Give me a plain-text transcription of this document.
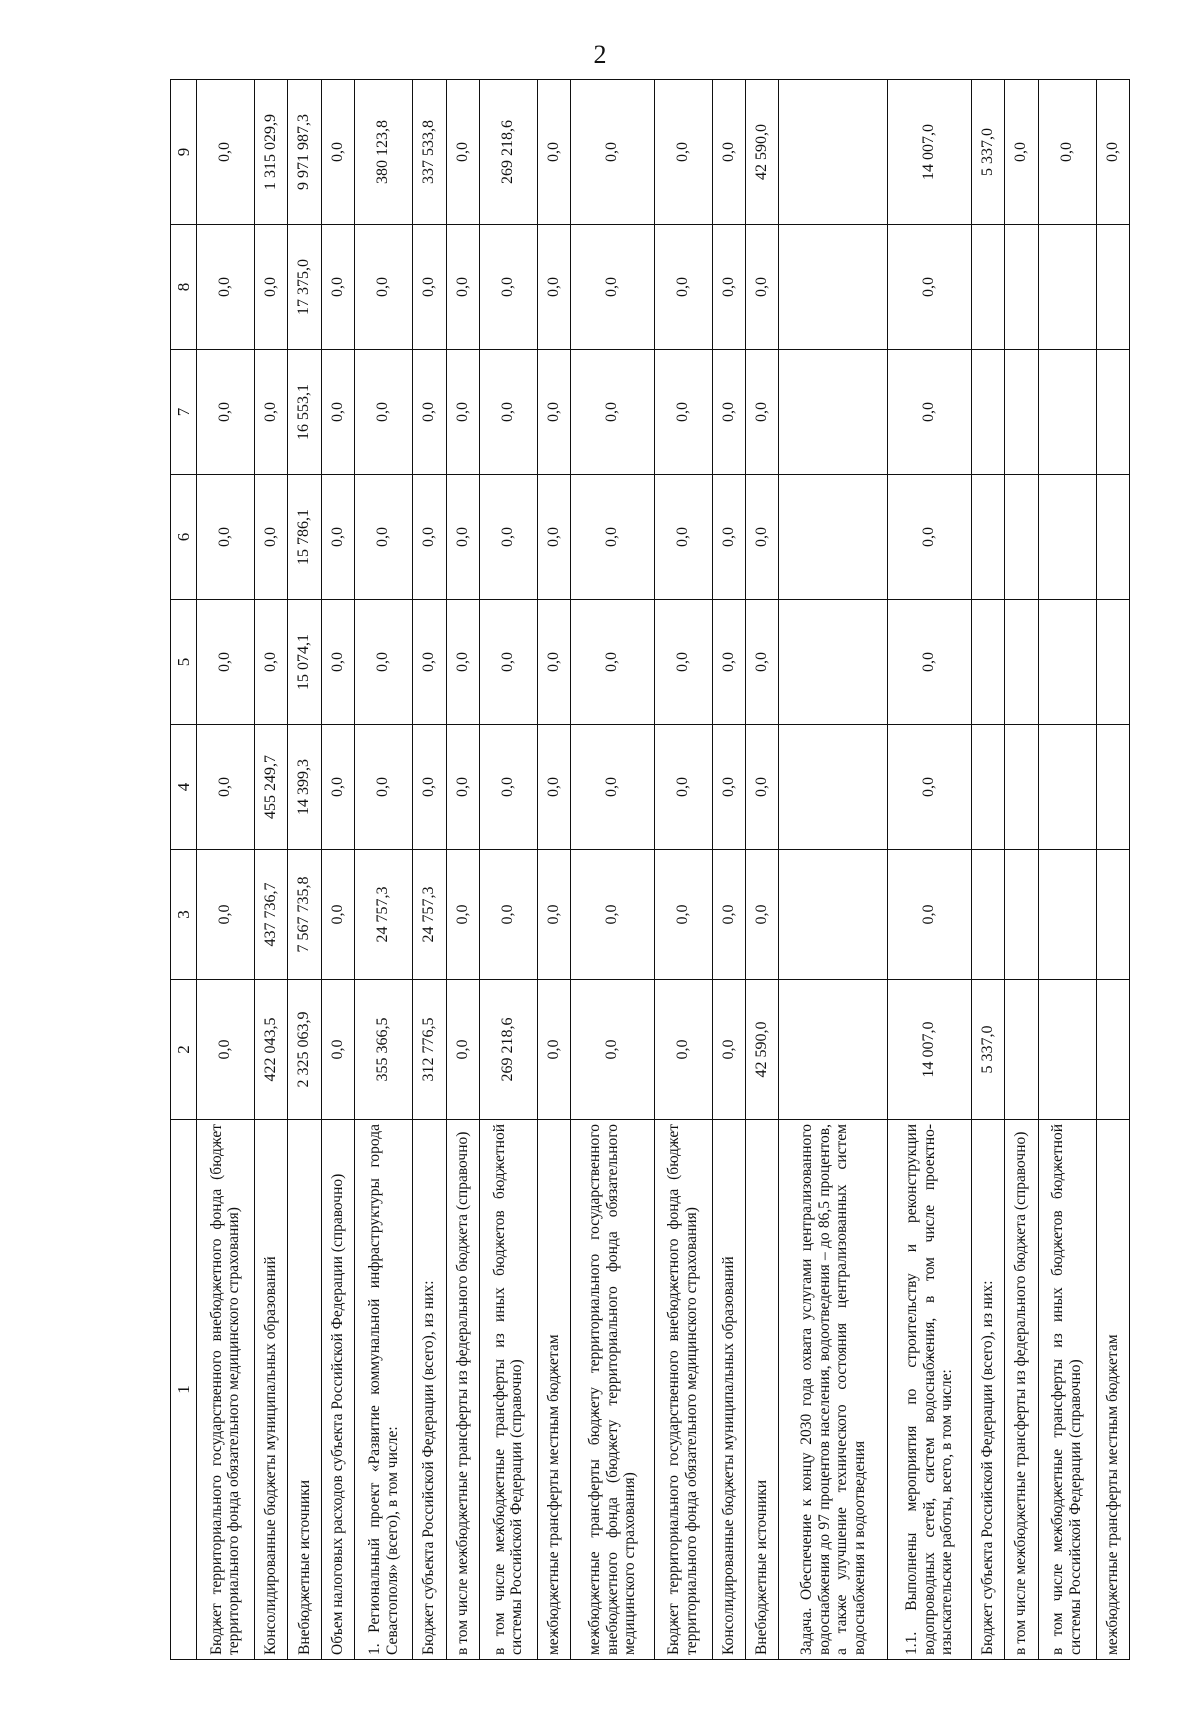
2
1	2	3	4	5	6	7	8	9
Бюджет территориального государственного внебюджетного фонда (бюджет территориального фонда обязательного медицинского страхования)	0,0	0,0	0,0	0,0	0,0	0,0	0,0	0,0
Консолидированные бюджеты муниципальных образований	422 043,5	437 736,7	455 249,7	0,0	0,0	0,0	0,0	1 315 029,9
Внебюджетные источники	2 325 063,9	7 567 735,8	14 399,3	15 074,1	15 786,1	16 553,1	17 375,0	9 971 987,3
Объем налоговых расходов субъекта Российской Федерации (справочно)	0,0	0,0	0,0	0,0	0,0	0,0	0,0	0,0
1. Региональный проект «Развитие коммунальной инфраструктуры города Севастополя» (всего), в том числе:	355 366,5	24 757,3	0,0	0,0	0,0	0,0	0,0	380 123,8
Бюджет субъекта Российской Федерации (всего), из них:	312 776,5	24 757,3	0,0	0,0	0,0	0,0	0,0	337 533,8
в том числе межбюджетные трансферты из федерального бюджета (справочно)	0,0	0,0	0,0	0,0	0,0	0,0	0,0	0,0
в том числе межбюджетные трансферты из иных бюджетов бюджетной системы Российской Федерации (справочно)	269 218,6	0,0	0,0	0,0	0,0	0,0	0,0	269 218,6
межбюджетные трансферты местным бюджетам	0,0	0,0	0,0	0,0	0,0	0,0	0,0	0,0
межбюджетные трансферты бюджету территориального государственного внебюджетного фонда (бюджету территориального фонда обязательного медицинского страхования)	0,0	0,0	0,0	0,0	0,0	0,0	0,0	0,0
Бюджет территориального государственного внебюджетного фонда (бюджет территориального фонда обязательного медицинского страхования)	0,0	0,0	0,0	0,0	0,0	0,0	0,0	0,0
Консолидированные бюджеты муниципальных образований	0,0	0,0	0,0	0,0	0,0	0,0	0,0	0,0
Внебюджетные источники	42 590,0	0,0	0,0	0,0	0,0	0,0	0,0	42 590,0
Задача. Обеспечение к концу 2030 года охвата услугами централизованного водоснабжения до 97 процентов населения, водоотведения – до 86,5 процентов, а также улучшение технического состояния централизованных систем водоснабжения и водоотведения								
1.1. Выполнены мероприятия по строительству и реконструкции водопроводных сетей, систем водоснабжения, в том числе проектно-изыскательские работы, всего, в том числе:	14 007,0	0,0	0,0	0,0	0,0	0,0	0,0	14 007,0
Бюджет субъекта Российской Федерации (всего), из них:	5 337,0							5 337,0
в том числе межбюджетные трансферты из федерального бюджета (справочно)								0,0
в том числе межбюджетные трансферты из иных бюджетов бюджетной системы Российской Федерации (справочно)								0,0
межбюджетные трансферты местным бюджетам								0,0
